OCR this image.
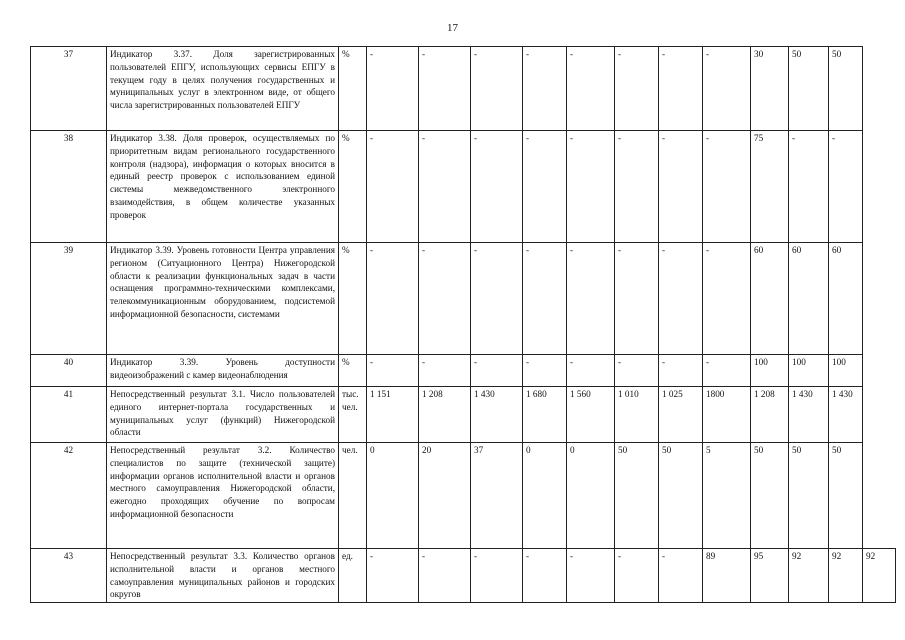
17
37	Индикатор 3.37. Доля зарегистрированных пользователей ЕПГУ, использующих сервисы ЕПГУ в текущем году в целях получения государственных и муниципальных услуг в электронном виде, от общего числа зарегистрированных пользователей ЕПГУ	%	-	-	-	-	-	-	-	-	30	50	50	
38	Индикатор 3.38. Доля проверок, осуществляемых по приоритетным видам регионального государственного контроля (надзора), информация о которых вносится в единый реестр проверок с использованием единой системы межведомственного электронного взаимодействия, в общем количестве указанных проверок	%	-	-	-	-	-	-	-	-	75	-	-	
39	Индикатор 3.39. Уровень готовности Центра управления регионом (Ситуационного Центра) Нижегородской области к реализации функциональных задач в части оснащения программно-техническими комплексами, телекоммуникационным оборудованием, подсистемой информационной безопасности, системами	%	-	-	-	-	-	-	-	-	60	60	60	
40	Индикатор 3.39. Уровень доступности видеоизображений с камер видеонаблюдения	%	-	-	-	-	-	-	-	-	100	100	100	
41	Непосредственный результат 3.1. Число пользователей единого интернет-портала государственных и муниципальных услуг (функций) Нижегородской области	тыс. чел.	1 151	1 208	1 430	1 680	1 560	1 010	1 025	1800	1 208	1 430	1 430	
42	Непосредственный результат 3.2. Количество специалистов по защите (технической защите) информации органов исполнительной власти и органов местного самоуправления Нижегородской области, ежегодно проходящих обучение по вопросам информационной безопасности	чел.	0	20	37	0	0	50	50	5	50	50	50	
43	Непосредственный результат 3.3. Количество органов исполнительной власти и органов местного самоуправления муниципальных районов и городских округов	ед.	-	-	-	-	-	-	-	89	95	92	92	92
